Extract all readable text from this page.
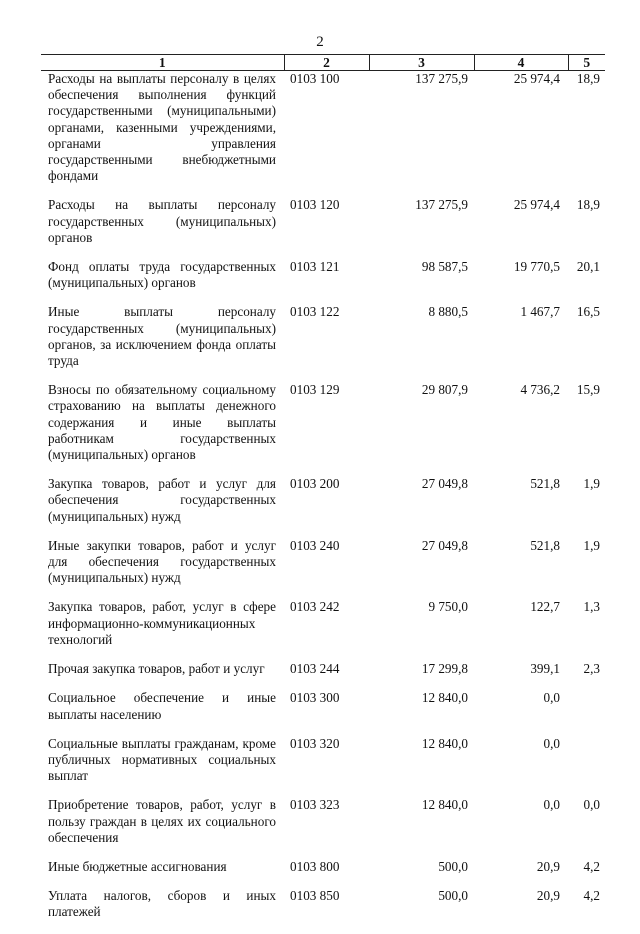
2
1	2	3	4	5
Расходы на выплаты персоналу в целях обеспечения выполнения функций государственными (муниципальными) органами, казенными учреждениями, органами управления государственными внебюджетными фондами	0103 100	137 275,9	25 974,4	18,9
Расходы на выплаты персоналу государственных (муниципальных) органов	0103 120	137 275,9	25 974,4	18,9
Фонд оплаты труда государственных (муниципальных) органов	0103 121	98 587,5	19 770,5	20,1
Иные выплаты персоналу государственных (муниципальных) органов, за исключением фонда оплаты труда	0103 122	8 880,5	1 467,7	16,5
Взносы по обязательному социальному страхованию на выплаты денежного содержания и иные выплаты работникам государственных (муниципальных) органов	0103 129	29 807,9	4 736,2	15,9
Закупка товаров, работ и услуг для обеспечения государственных (муниципальных) нужд	0103 200	27 049,8	521,8	1,9
Иные закупки товаров, работ и услуг для обеспечения государственных (муниципальных) нужд	0103 240	27 049,8	521,8	1,9
Закупка товаров, работ, услуг в сфере информационно-коммуникационных технологий	0103 242	9 750,0	122,7	1,3
Прочая закупка товаров, работ и услуг	0103 244	17 299,8	399,1	2,3
Социальное обеспечение и иные выплаты населению	0103 300	12 840,0	0,0	
Социальные выплаты гражданам, кроме публичных нормативных социальных выплат	0103 320	12 840,0	0,0	
Приобретение товаров, работ, услуг в пользу граждан в целях их социального обеспечения	0103 323	12 840,0	0,0	0,0
Иные бюджетные ассигнования	0103 800	500,0	20,9	4,2
Уплата налогов, сборов и иных платежей	0103 850	500,0	20,9	4,2
